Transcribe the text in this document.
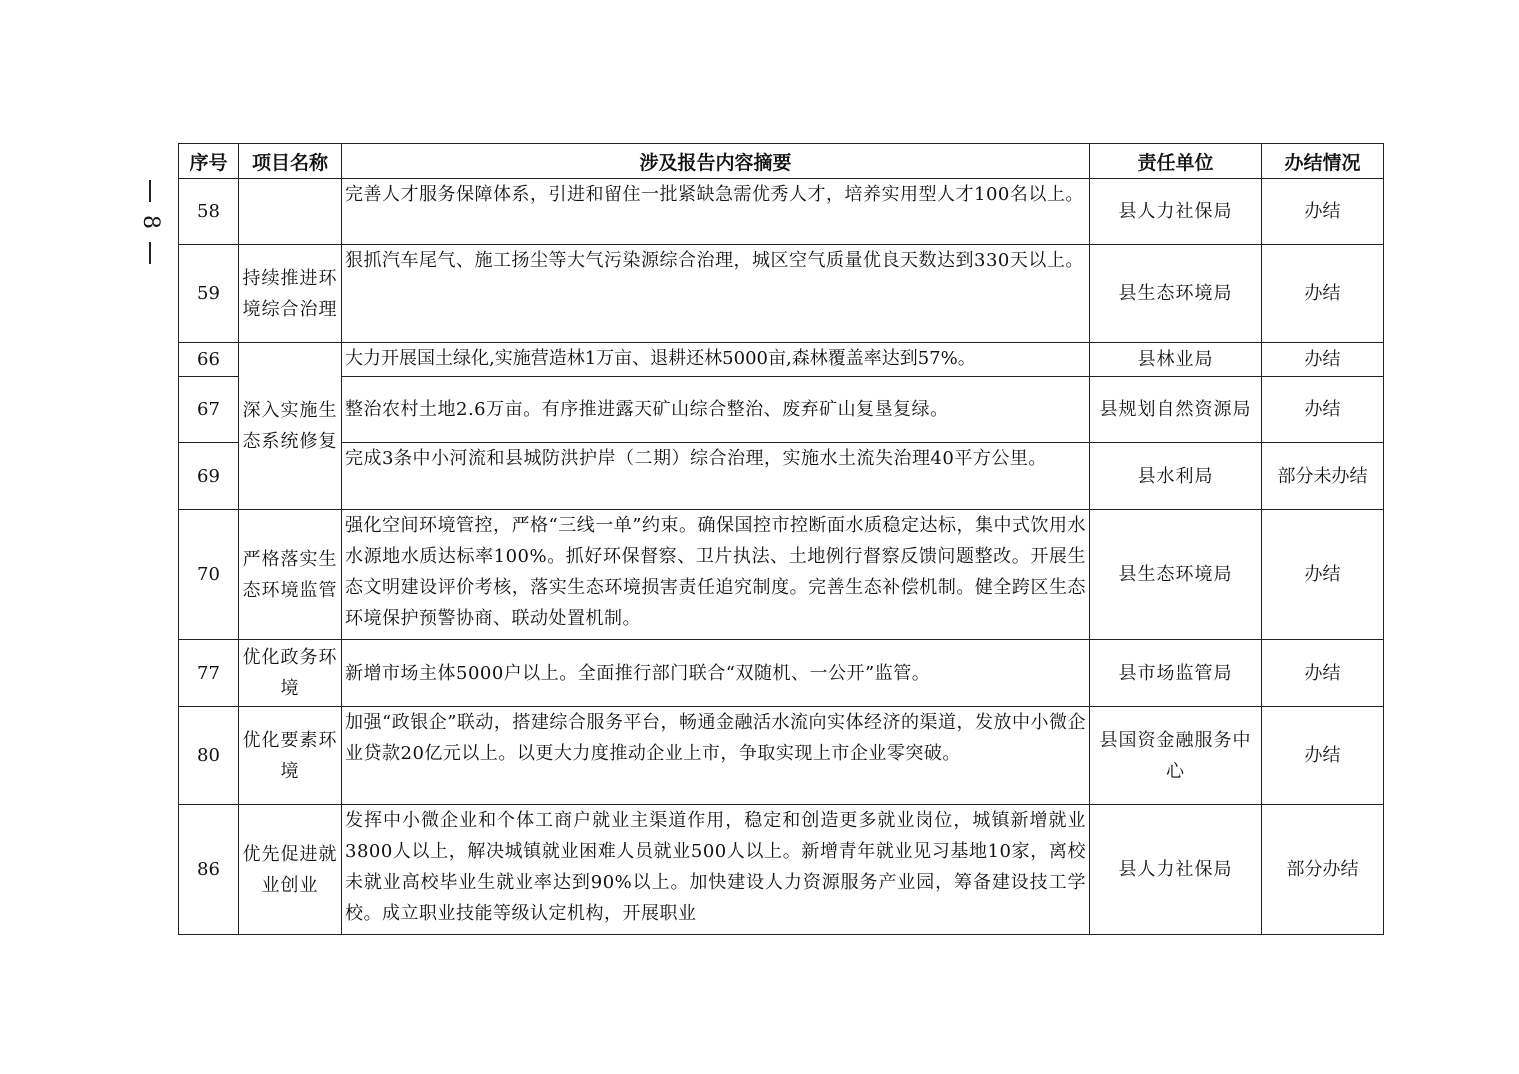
8
序号	项目名称	涉及报告内容摘要	责任单位	办结情况
58		完善人才服务保障体系，引进和留住一批紧缺急需优秀人才，培养实用型人才100名以上。	县人力社保局	办结
59	持续推进环境综合治理	狠抓汽车尾气、施工扬尘等大气污染源综合治理，城区空气质量优良天数达到330天以上。	县生态环境局	办结
66	深入实施生态系统修复	大力开展国土绿化,实施营造林1万亩、退耕还林5000亩,森林覆盖率达到57%。	县林业局	办结
67		整治农村土地2.6万亩。有序推进露天矿山综合整治、废弃矿山复垦复绿。	县规划自然资源局	办结
69		完成3条中小河流和县城防洪护岸（二期）综合治理，实施水土流失治理40平方公里。	县水利局	部分未办结
70	严格落实生态环境监管	强化空间环境管控，严格“三线一单”约束。确保国控市控断面水质稳定达标，集中式饮用水水源地水质达标率100%。抓好环保督察、卫片执法、土地例行督察反馈问题整改。开展生态文明建设评价考核，落实生态环境损害责任追究制度。完善生态补偿机制。健全跨区生态环境保护预警协商、联动处置机制。	县生态环境局	办结
77	优化政务环境	新增市场主体5000户以上。全面推行部门联合“双随机、一公开”监管。	县市场监管局	办结
80	优化要素环境	加强“政银企”联动，搭建综合服务平台，畅通金融活水流向实体经济的渠道，发放中小微企业贷款20亿元以上。以更大力度推动企业上市，争取实现上市企业零突破。	县国资金融服务中心	办结
86	优先促进就业创业	发挥中小微企业和个体工商户就业主渠道作用，稳定和创造更多就业岗位，城镇新增就业3800人以上，解决城镇就业困难人员就业500人以上。新增青年就业见习基地10家，离校未就业高校毕业生就业率达到90%以上。加快建设人力资源服务产业园，筹备建设技工学校。成立职业技能等级认定机构，开展职业	县人力社保局	部分办结
